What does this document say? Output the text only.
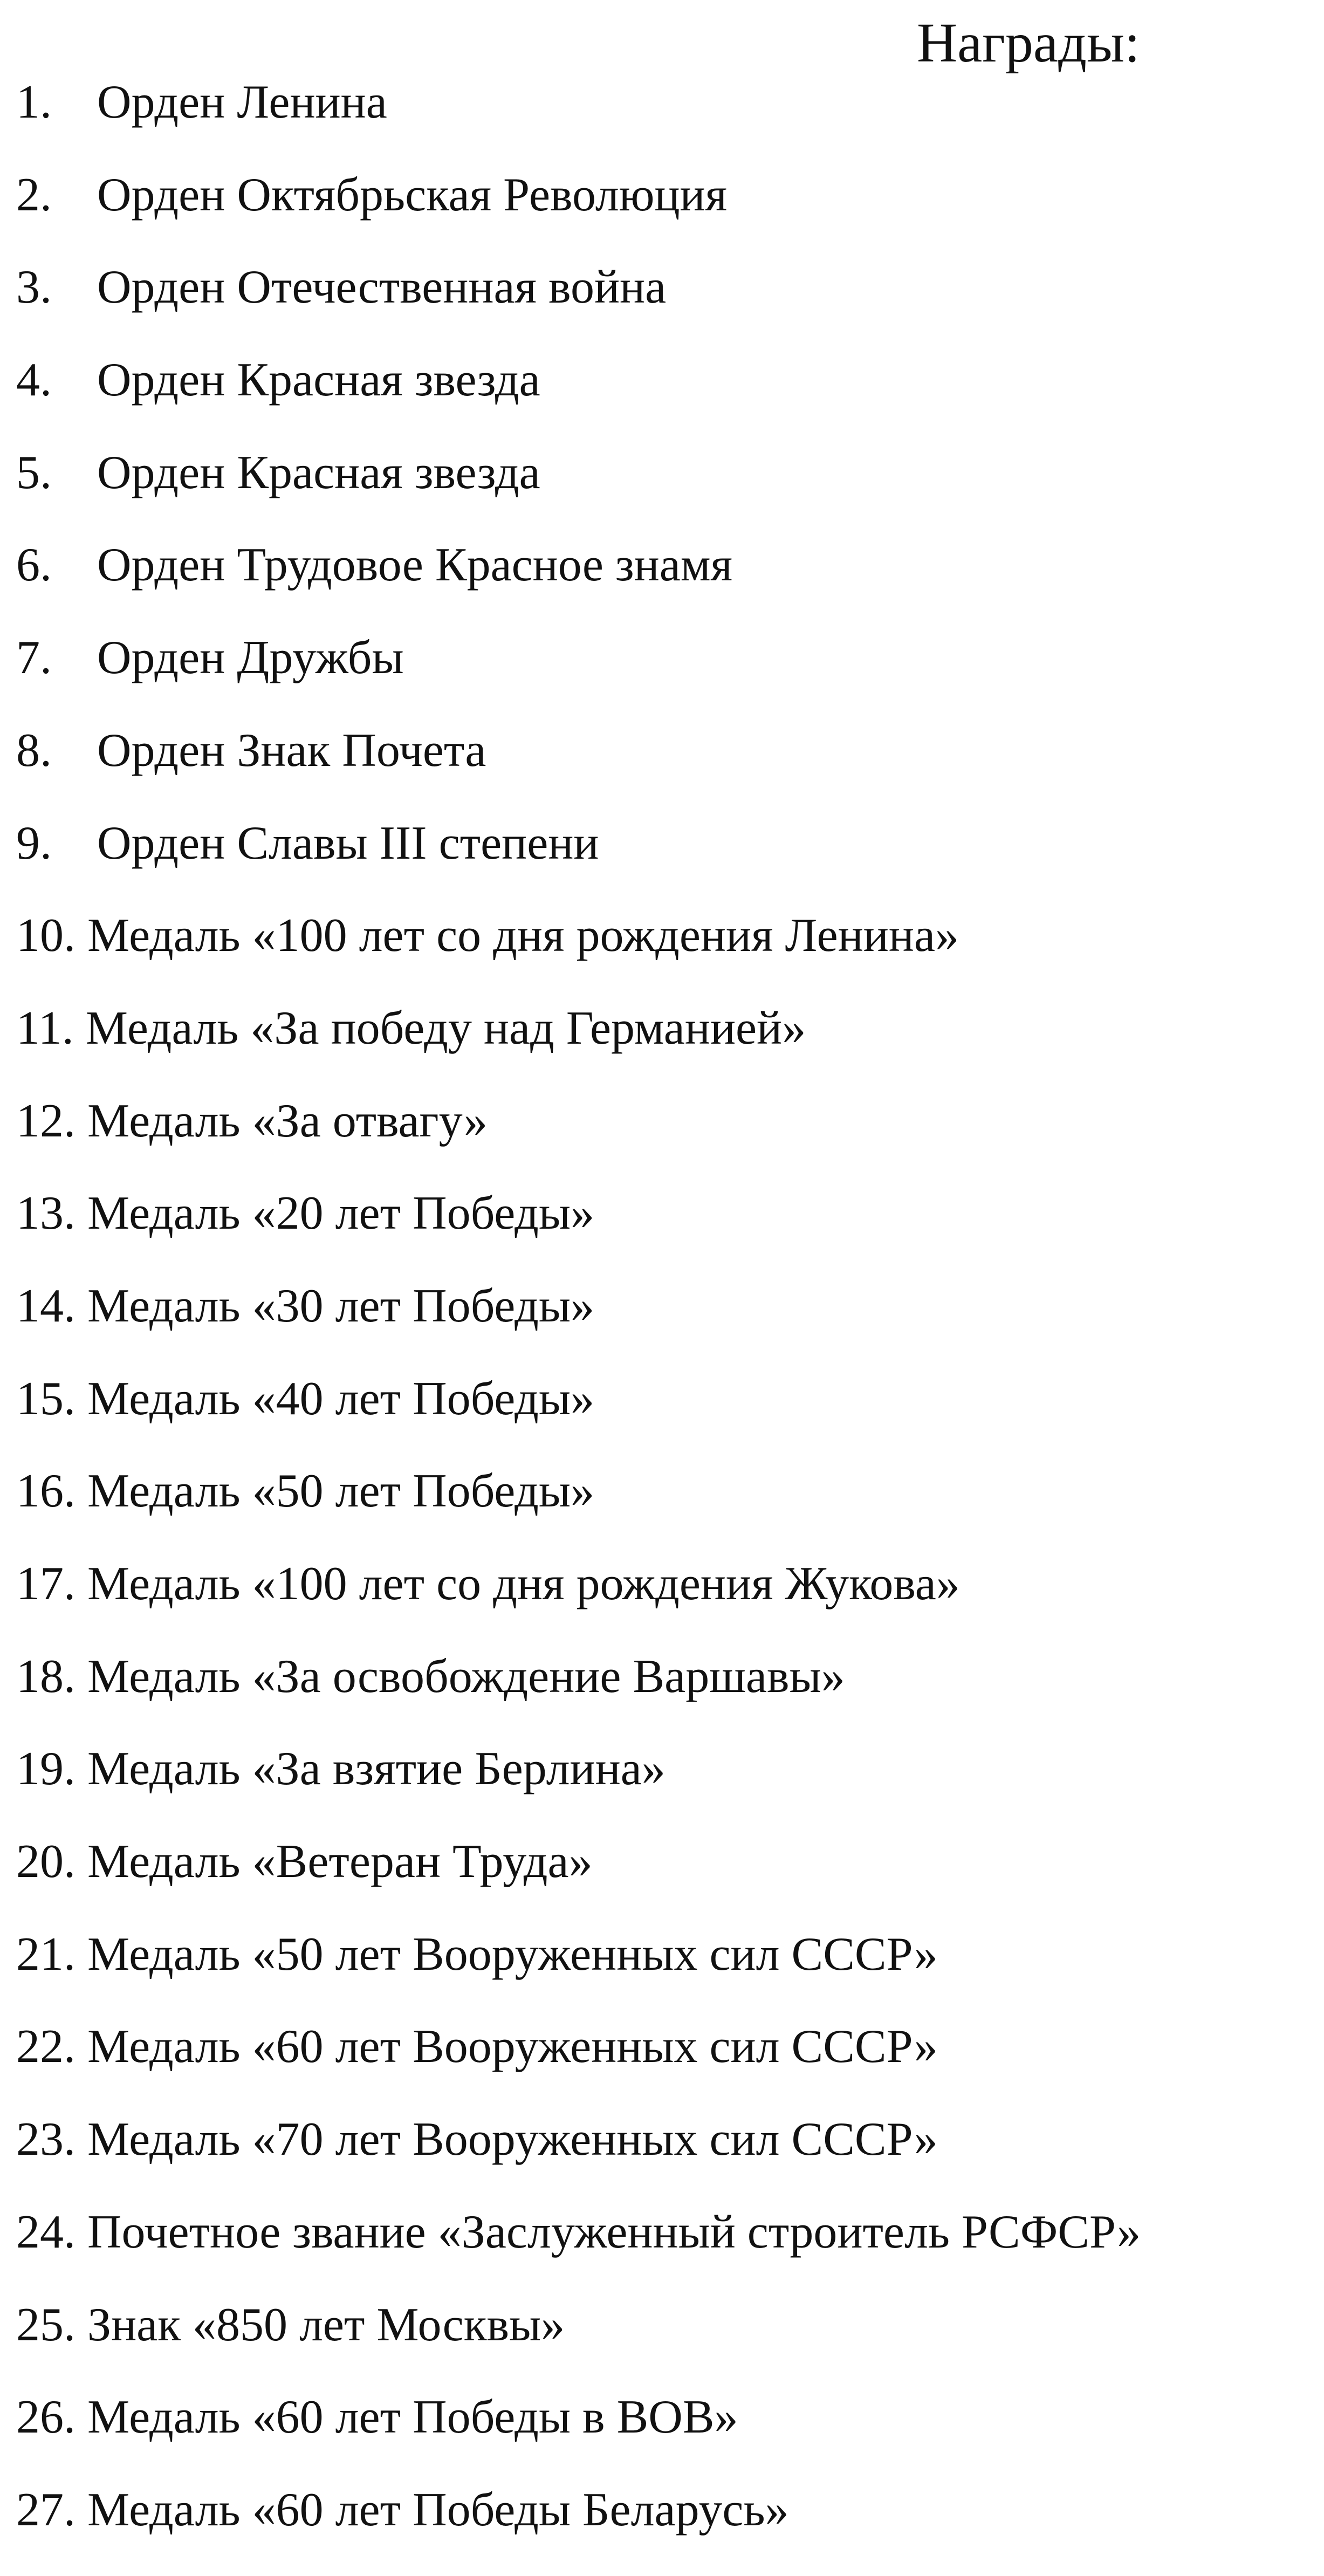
Награды:
1. Орден Ленина
2. Орден Октябрьская Революция
3. Орден Отечественная война
4. Орден Красная звезда
5. Орден Красная звезда
6. Орден Трудовое Красное знамя
7. Орден Дружбы
8. Орден Знак Почета
9. Орден Славы III степени
10. Медаль «100 лет со дня рождения Ленина»
11. Медаль «За победу над Германией»
12. Медаль «За отвагу»
13. Медаль «20 лет Победы»
14. Медаль «30 лет Победы»
15. Медаль «40 лет Победы»
16. Медаль «50 лет Победы»
17. Медаль «100 лет со дня рождения Жукова»
18. Медаль «За освобождение Варшавы»
19. Медаль «За взятие Берлина»
20. Медаль «Ветеран Труда»
21. Медаль «50 лет Вооруженных сил СССР»
22. Медаль «60 лет Вооруженных сил СССР»
23. Медаль «70 лет Вооруженных сил СССР»
24. Почетное звание «Заслуженный строитель РСФСР»
25. Знак «850 лет Москвы»
26. Медаль «60 лет Победы в ВОВ»
27. Медаль «60 лет Победы Беларусь»
